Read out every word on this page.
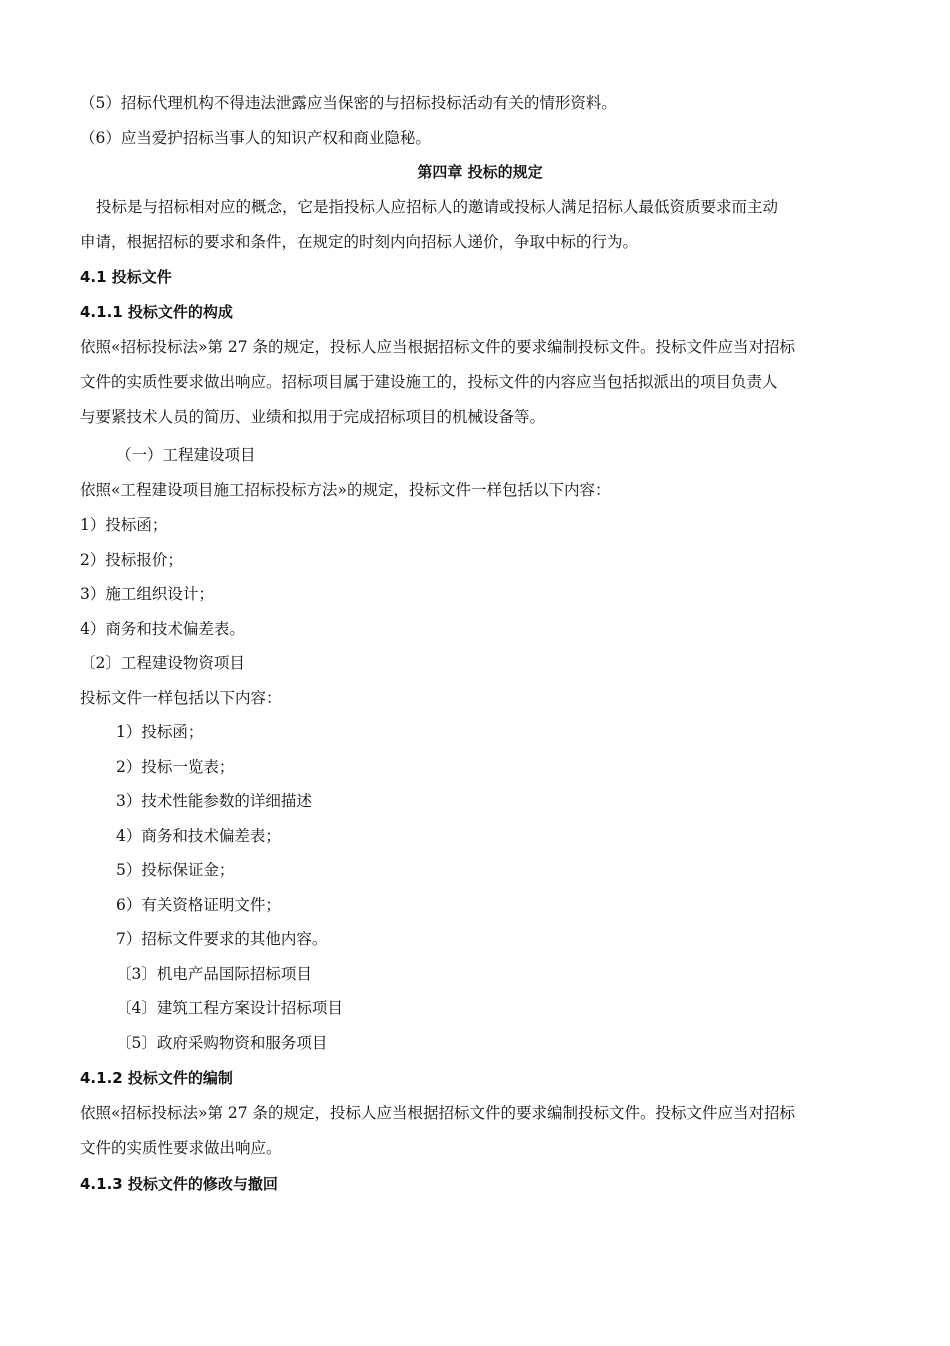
（5）招标代理机构不得违法泄露应当保密的与招标投标活动有关的情形资料。
（6）应当爱护招标当事人的知识产权和商业隐秘。
第四章 投标的规定
投标是与招标相对应的概念，它是指投标人应招标人的邀请或投标人满足招标人最低资质要求而主动
申请，根据招标的要求和条件，在规定的时刻内向招标人递价，争取中标的行为。
4.1 投标文件
4.1.1 投标文件的构成
依照«招标投标法»第 27 条的规定，投标人应当根据招标文件的要求编制投标文件。投标文件应当对招标
文件的实质性要求做出响应。招标项目属于建设施工的，投标文件的内容应当包括拟派出的项目负责人
与要紧技术人员的简历、业绩和拟用于完成招标项目的机械设备等。
（一）工程建设项目
依照«工程建设项目施工招标投标方法»的规定，投标文件一样包括以下内容：
1）投标函；
2）投标报价；
3）施工组织设计；
4）商务和技术偏差表。
〔2〕工程建设物资项目
投标文件一样包括以下内容：
1）投标函；
2）投标一览表；
3）技术性能参数的详细描述
4）商务和技术偏差表；
5）投标保证金；
6）有关资格证明文件；
7）招标文件要求的其他内容。
〔3〕机电产品国际招标项目
〔4〕建筑工程方案设计招标项目
〔5〕政府采购物资和服务项目
4.1.2 投标文件的编制
依照«招标投标法»第 27 条的规定，投标人应当根据招标文件的要求编制投标文件。投标文件应当对招标
文件的实质性要求做出响应。
4.1.3 投标文件的修改与撤回
